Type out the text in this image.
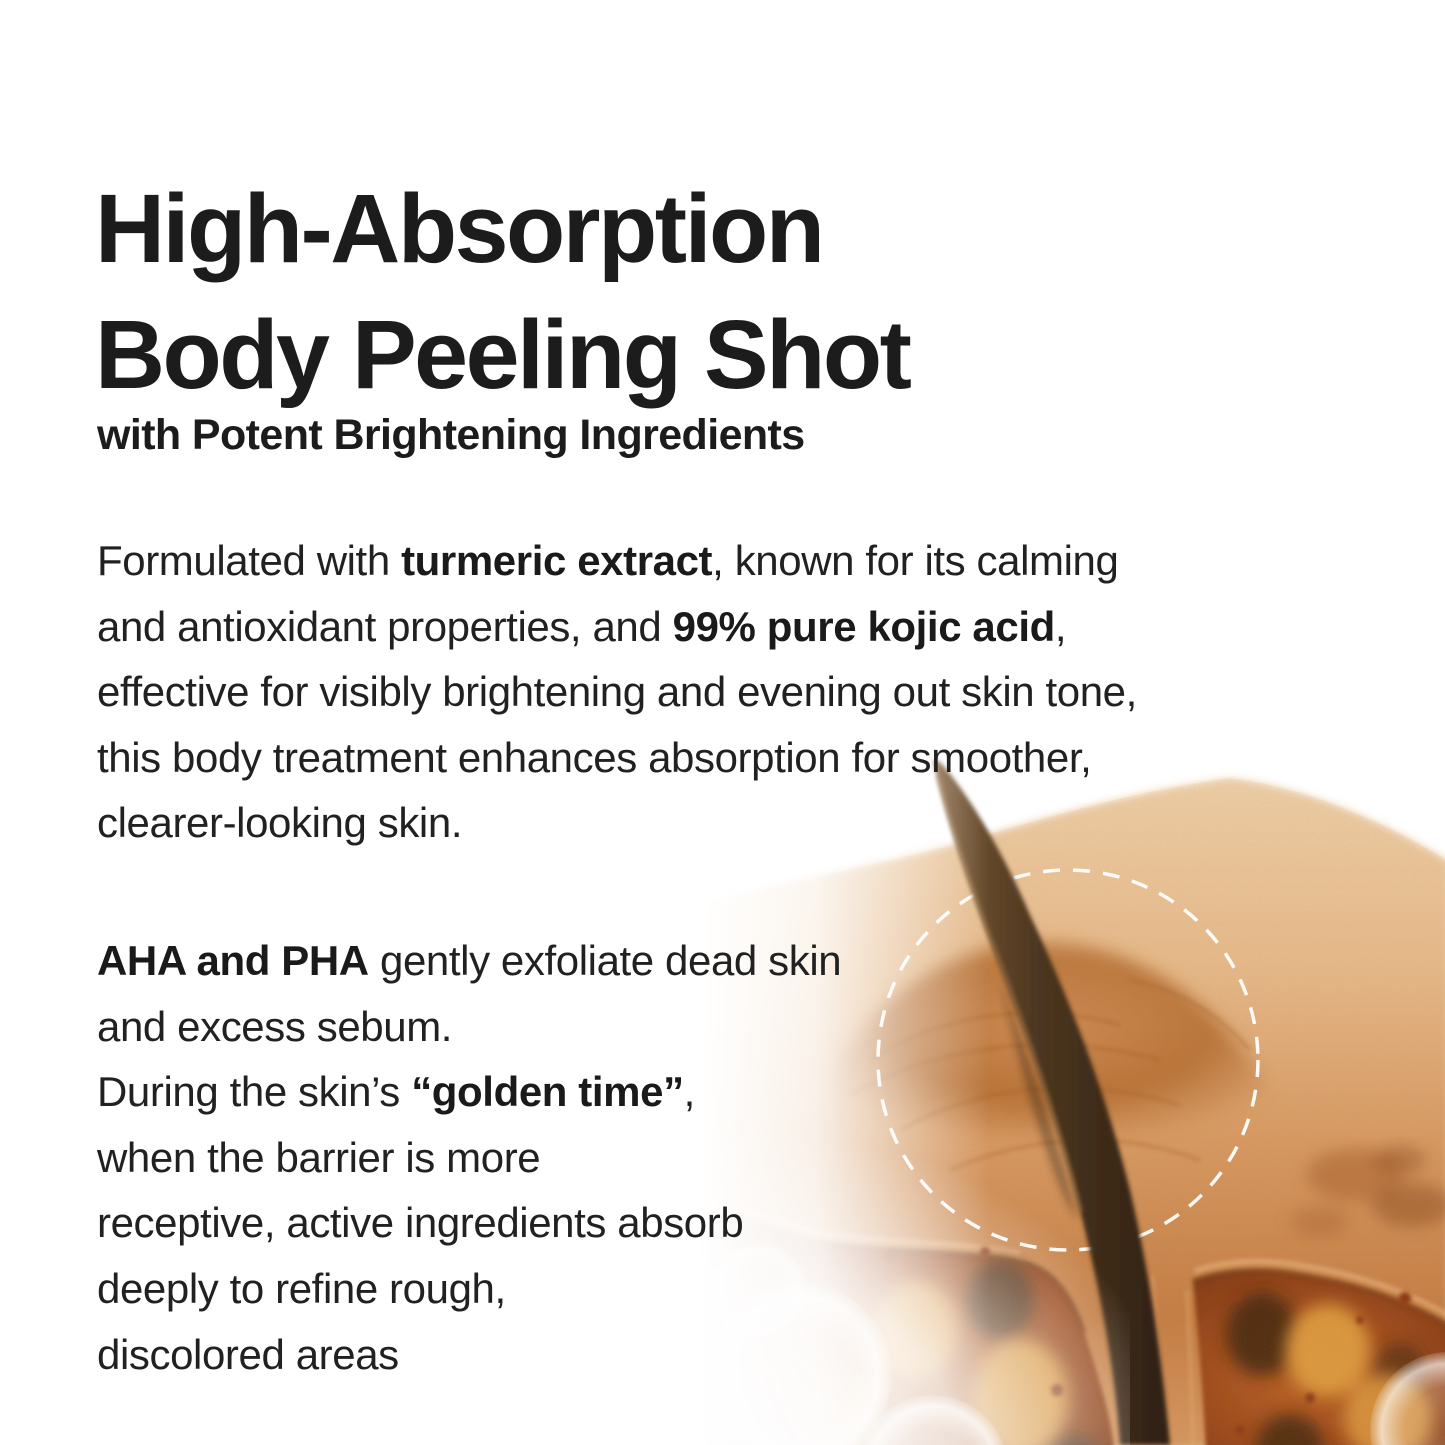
High-Absorption
Body Peeling Shot
with Potent Brightening Ingredients

Formulated with turmeric extract, known for its calming
and antioxidant properties, and 99% pure kojic acid,
effective for visibly brightening and evening out skin tone,
this body treatment enhances absorption for smoother,
clearer-looking skin.

AHA and PHA gently exfoliate dead skin
and excess sebum.
During the skin’s “golden time”,
when the barrier is more
receptive, active ingredients absorb
deeply to refine rough,
discolored areas
